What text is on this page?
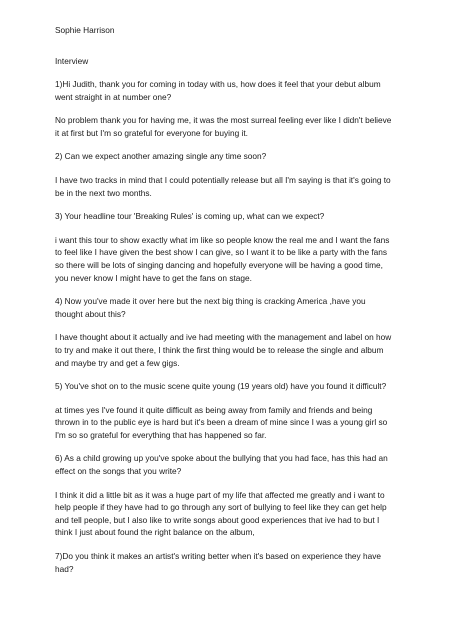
Sophie Harrison
Interview

1)Hi Judith, thank you for coming in today with us, how does it feel that your debut album went straight in at number one?

No problem thank you for having me, it was the most surreal feeling ever like I didn't believe it at first but I'm so grateful for everyone for buying it.

2) Can we expect another amazing single any time soon?

I have two tracks in mind that I could potentially release but all I'm saying is that it's going to be in the next two months.

3) Your headline tour 'Breaking Rules' is coming up, what can we expect?

i want this tour to show exactly what im like so people know the real me and I want the fans to feel like I have given the best show I can give, so I want it to be like a party with the fans so there will be lots of singing dancing and hopefully everyone will be having a good time, you never know I might have to get the fans on stage.

4) Now you've made it over here but the next big thing is cracking America ,have you thought about this?

I have thought about it actually and ive had meeting with the management and label on how to try and make it out there, I think the first thing would be to release the single and album and maybe try and get a few gigs.

5) You've shot on to the music scene quite young (19 years old) have you found it difficult?

at times yes I've found it quite difficult as being away from family and friends and being thrown in to the public eye is hard but it's been a dream of mine since I was a young girl so I'm so so grateful for everything that has happened so far.

6) As a child growing up you've spoke about the bullying that you had face, has this had an effect on the songs that you write?

I think it did a little bit as it was a huge part of my life that affected me greatly and i want to help people if they have had to go through any sort of bullying to feel like they can get help and tell people, but I also like to write songs about good experiences that ive had to but I think I just about found the right balance on the album,

7)Do you think it makes an artist's writing better when it's based on experience they have had?
